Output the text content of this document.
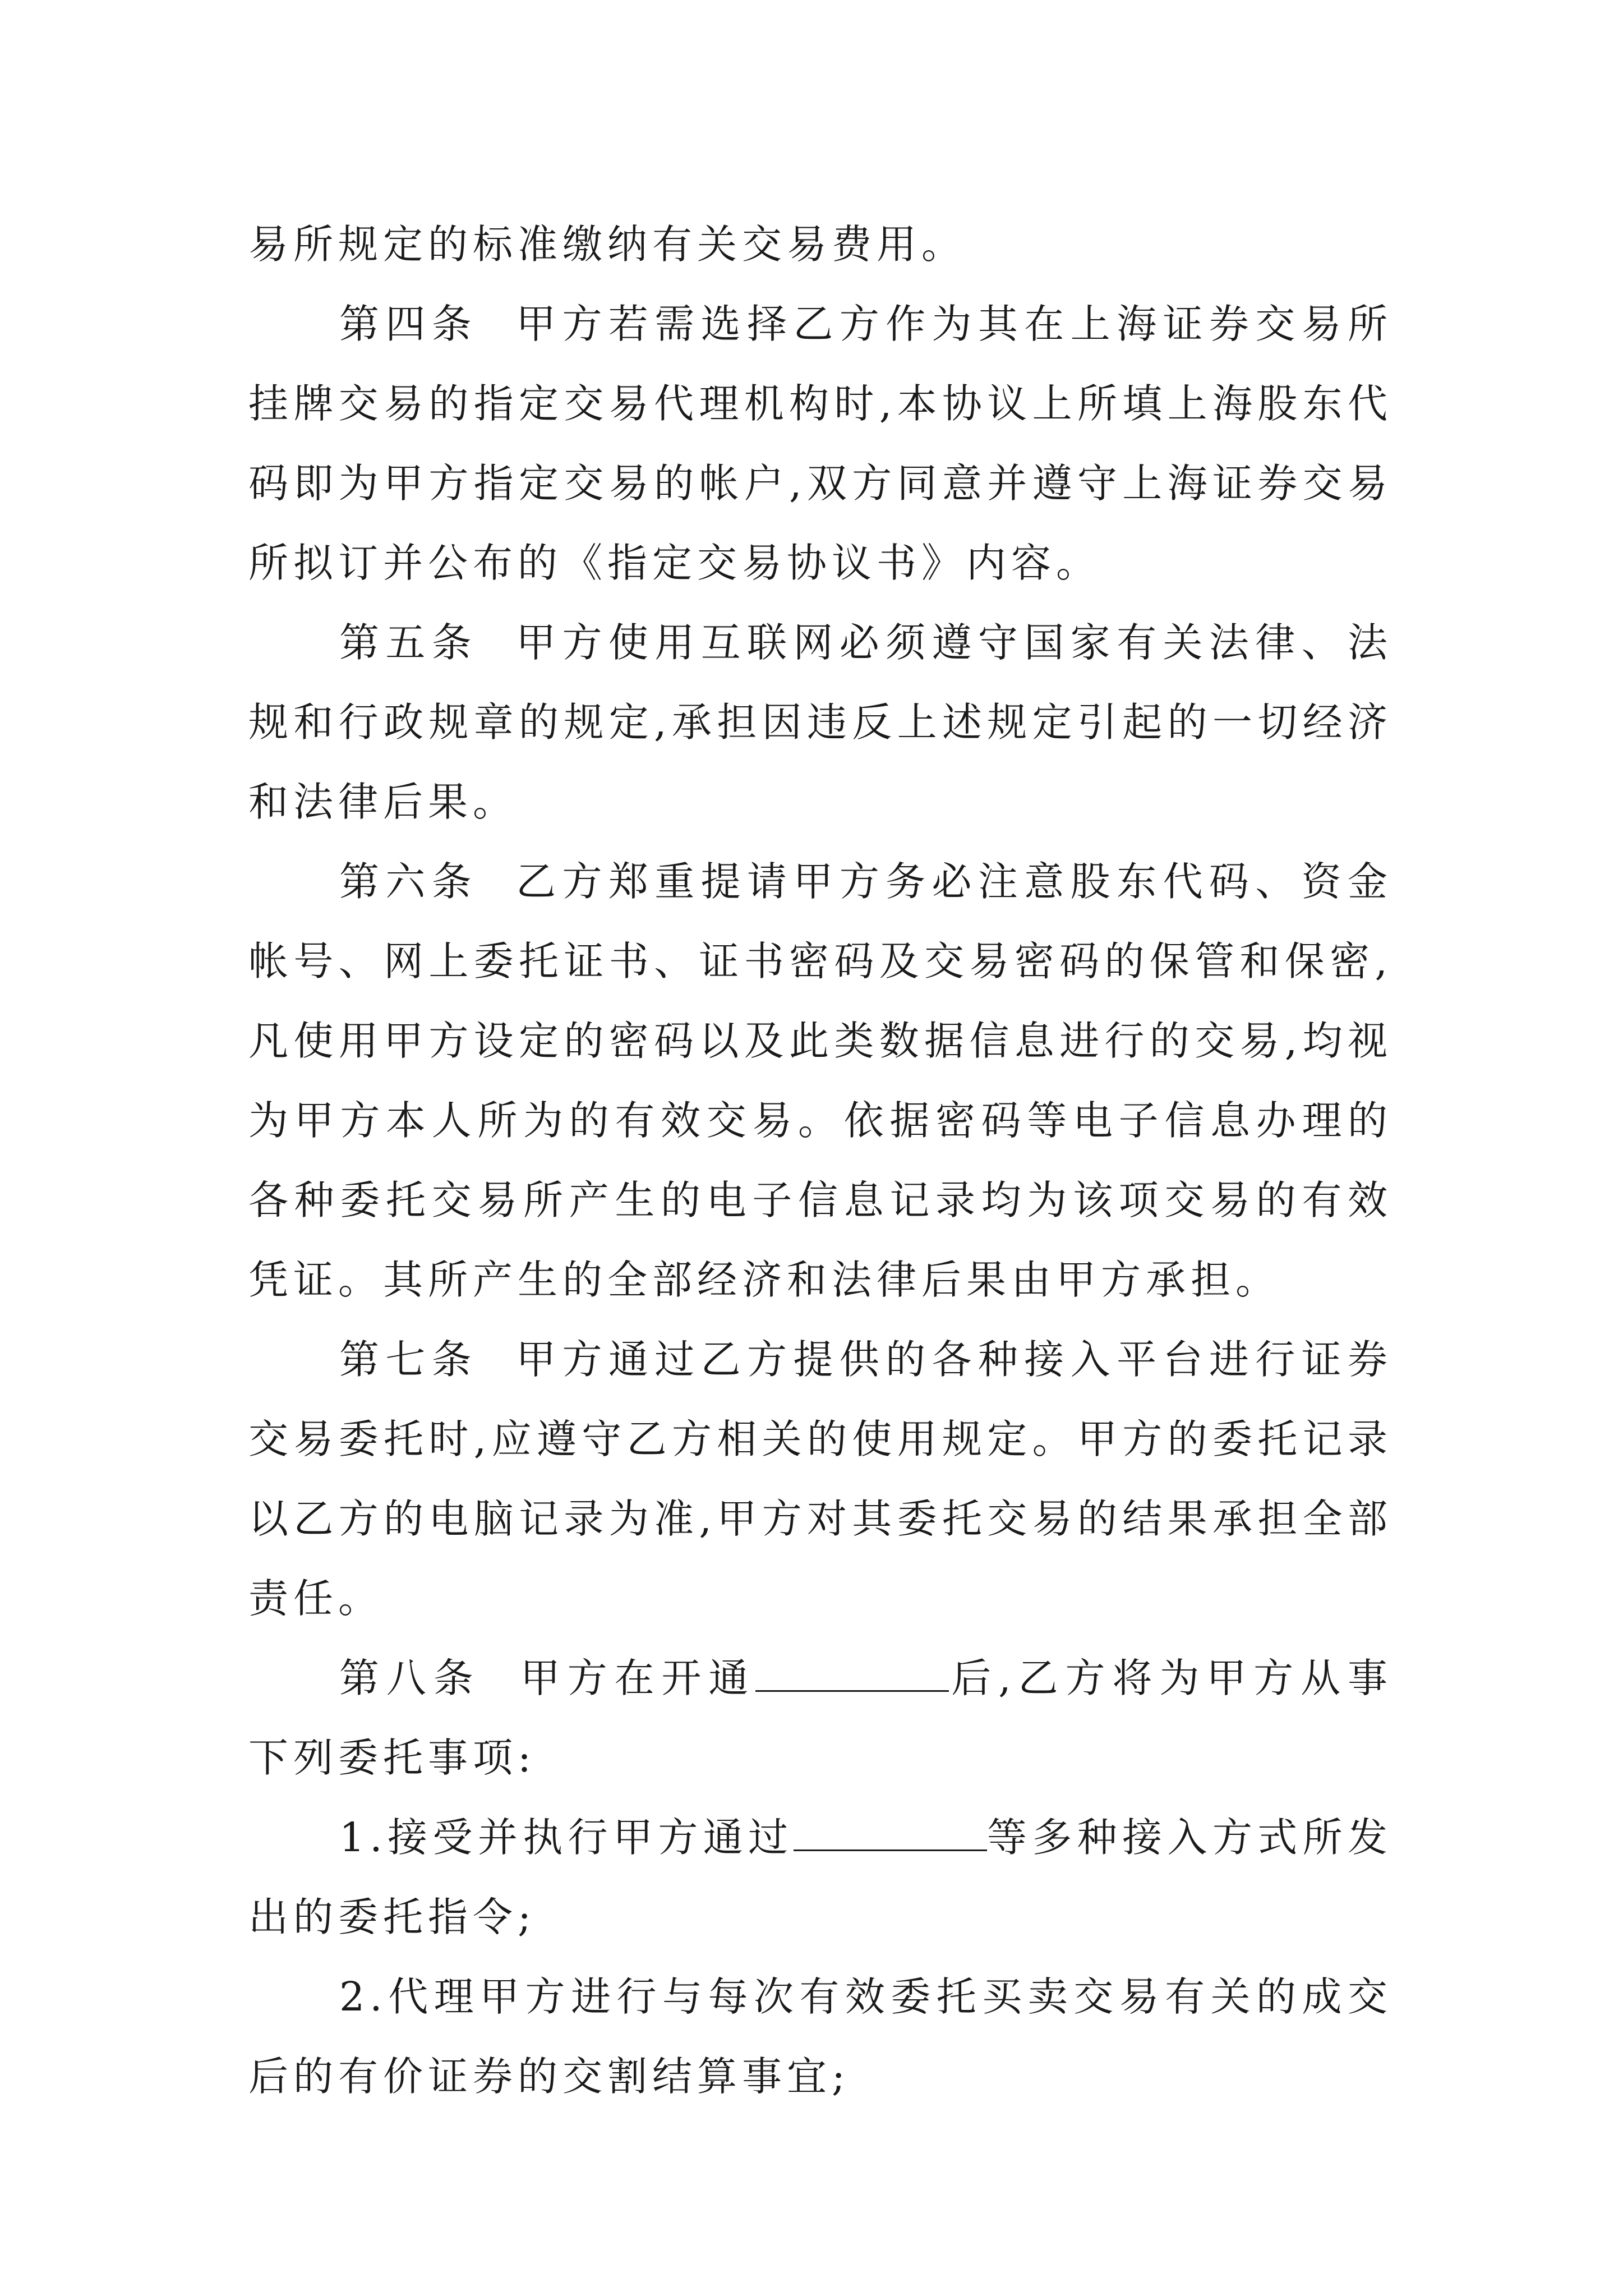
易所规定的标准缴纳有关交易费用。

第四条  甲方若需选择乙方作为其在上海证券交易所挂牌交易的指定交易代理机构时,本协议上所填上海股东代码即为甲方指定交易的帐户,双方同意并遵守上海证券交易所拟订并公布的《指定交易协议书》内容。

第五条  甲方使用互联网必须遵守国家有关法律、法规和行政规章的规定,承担因违反上述规定引起的一切经济和法律后果。

第六条  乙方郑重提请甲方务必注意股东代码、资金帐号、网上委托证书、证书密码及交易密码的保管和保密,凡使用甲方设定的密码以及此类数据信息进行的交易,均视为甲方本人所为的有效交易。依据密码等电子信息办理的各种委托交易所产生的电子信息记录均为该项交易的有效凭证。其所产生的全部经济和法律后果由甲方承担。

第七条  甲方通过乙方提供的各种接入平台进行证券交易委托时,应遵守乙方相关的使用规定。甲方的委托记录以乙方的电脑记录为准,甲方对其委托交易的结果承担全部责任。

第八条  甲方在开通	后,乙方将为甲方从事下列委托事项:

1.接受并执行甲方通过	等多种接入方式所发出的委托指令;

2.代理甲方进行与每次有效委托买卖交易有关的成交后的有价证券的交割结算事宜;
